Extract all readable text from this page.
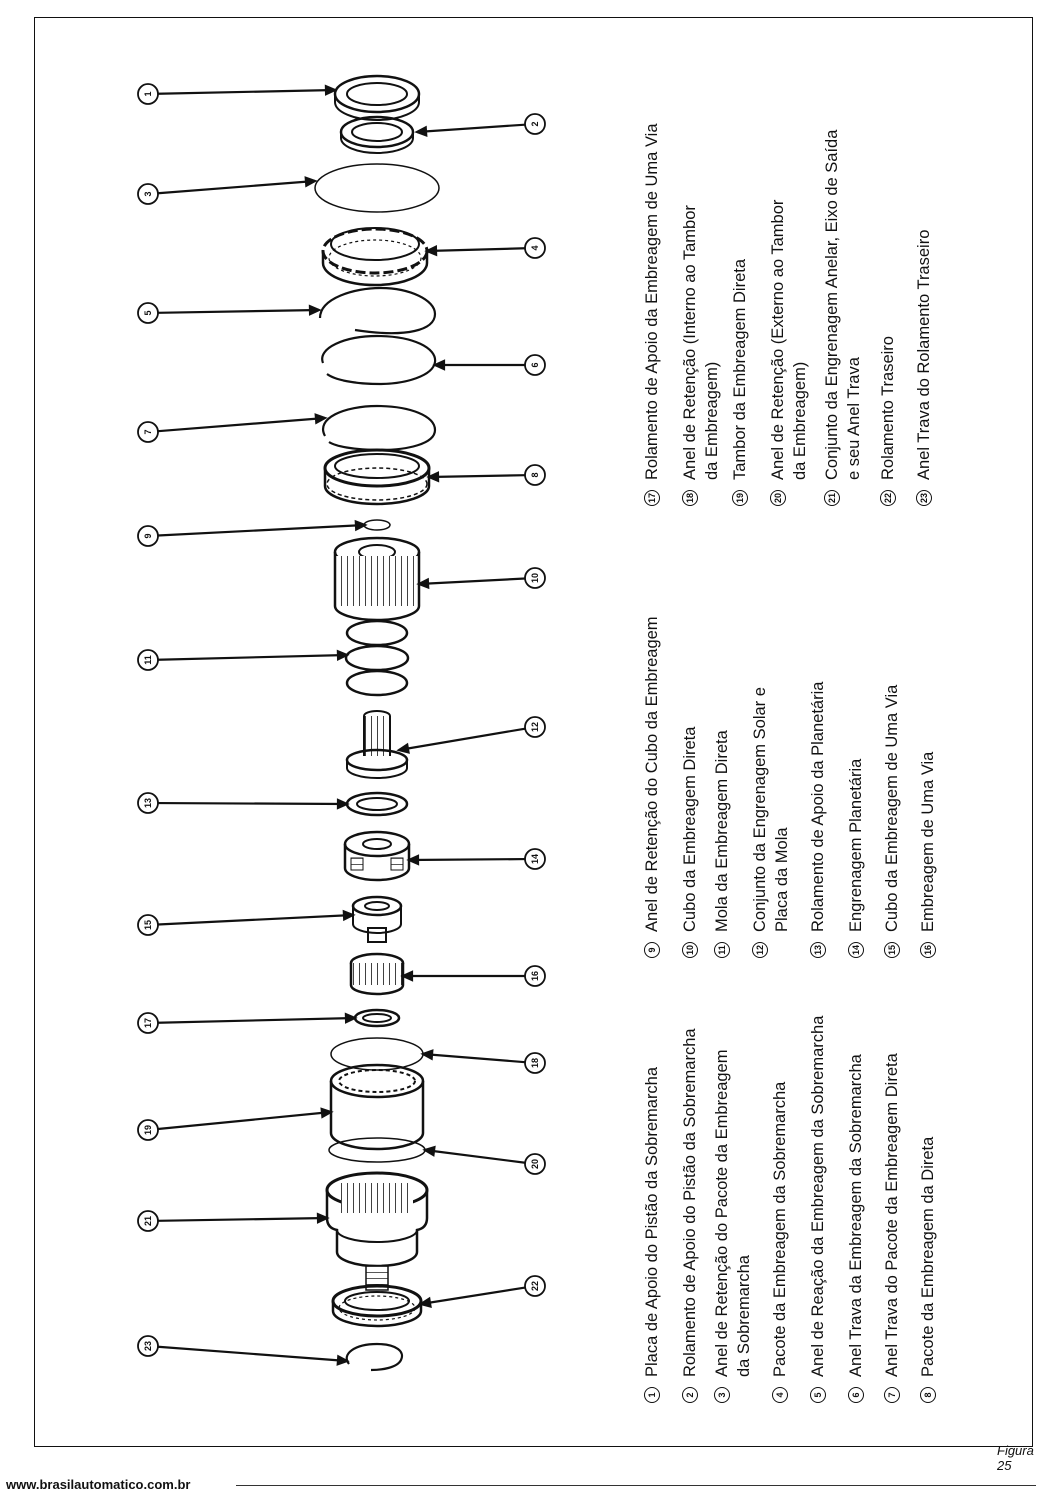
1
2
3
4
5
6
7
8
9
10
11
12
13
14
15
16
17
18
19
20
21
22
23
1
Placa de Apoio do Pistão da Sobremarcha
2
Rolamento de Apoio do Pistão da Sobremarcha
3
Anel de Retenção do Pacote da Embreagem da Sobremarcha
4
Pacote da Embreagem da Sobremarcha
5
Anel de Reação da Embreagem da Sobremarcha
6
Anel Trava da Embreagem da Sobremarcha
7
Anel Trava do Pacote da Embreagem Direta
8
Pacote da Embreagem da Direta
9
Anel de Retenção do Cubo da Embreagem
10
Cubo da Embreagem Direta
11
Mola da Embreagem Direta
12
Conjunto da Engrenagem Solar e Placa da Mola
13
Rolamento de Apoio da Planetária
14
Engrenagem Planetária
15
Cubo da Embreagem de Uma Via
16
Embreagem de Uma Via
17
Rolamento de Apoio da Embreagem de Uma Via
18
Anel de Retenção (Interno ao Tambor da Embreagem)
19
Tambor da Embreagem Direta
20
Anel de Retenção (Externo ao Tambor da Embreagem)
21
Conjunto da Engrenagem Anelar, Eixo de Saída e seu Anel Trava
22
Rolamento Traseiro
23
Anel Trava do Rolamento Traseiro
Figura 25
www.brasilautomatico.com.br
